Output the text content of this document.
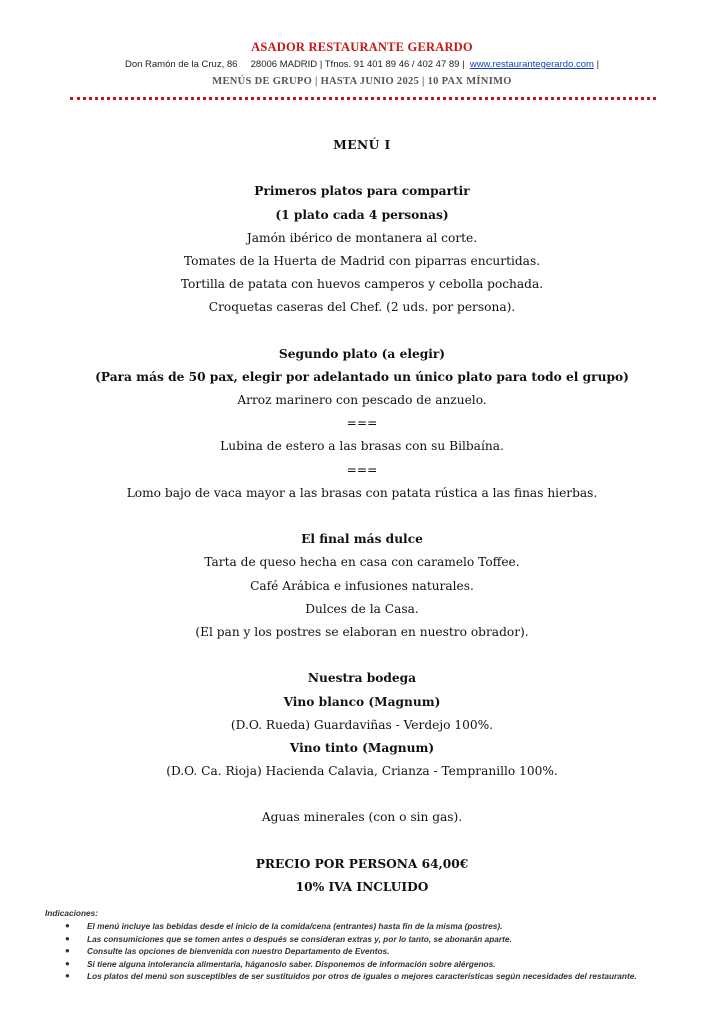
ASADOR RESTAURANTE GERARDO
Don Ramón de la Cruz, 86 28006 MADRID | Tfnos. 91 401 89 46 / 402 47 89 | www.restaurantegerardo.com |
MENÚS DE GRUPO | HASTA JUNIO 2025 | 10 PAX MÍNIMO
MENÚ I
Primeros platos para compartir
(1 plato cada 4 personas)
Jamón ibérico de montanera al corte.
Tomates de la Huerta de Madrid con piparras encurtidas.
Tortilla de patata con huevos camperos y cebolla pochada.
Croquetas caseras del Chef. (2 uds. por persona).
Segundo plato (a elegir)
(Para más de 50 pax, elegir por adelantado un único plato para todo el grupo)
Arroz marinero con pescado de anzuelo.
===
Lubina de estero a las brasas con su Bilbaína.
===
Lomo bajo de vaca mayor a las brasas con patata rústica a las finas hierbas.
El final más dulce
Tarta de queso hecha en casa con caramelo Toffee.
Café Arábica e infusiones naturales.
Dulces de la Casa.
(El pan y los postres se elaboran en nuestro obrador).
Nuestra bodega
Vino blanco (Magnum)
(D.O. Rueda) Guardaviñas - Verdejo 100%.
Vino tinto (Magnum)
(D.O. Ca. Rioja) Hacienda Calavia, Crianza - Tempranillo 100%.
Aguas minerales (con o sin gas).
PRECIO POR PERSONA 64,00€
10% IVA INCLUIDO
Indicaciones:
● El menú incluye las bebidas desde el inicio de la comida/cena (entrantes) hasta fin de la misma (postres).
● Las consumiciones que se tomen antes o después se consideran extras y, por lo tanto, se abonarán aparte.
● Consulte las opciones de bienvenida con nuestro Departamento de Eventos.
● Si tiene alguna intolerancia alimentaria, háganoslo saber. Disponemos de información sobre alérgenos.
● Los platos del menú son susceptibles de ser sustituidos por otros de iguales o mejores características según necesidades del restaurante.
